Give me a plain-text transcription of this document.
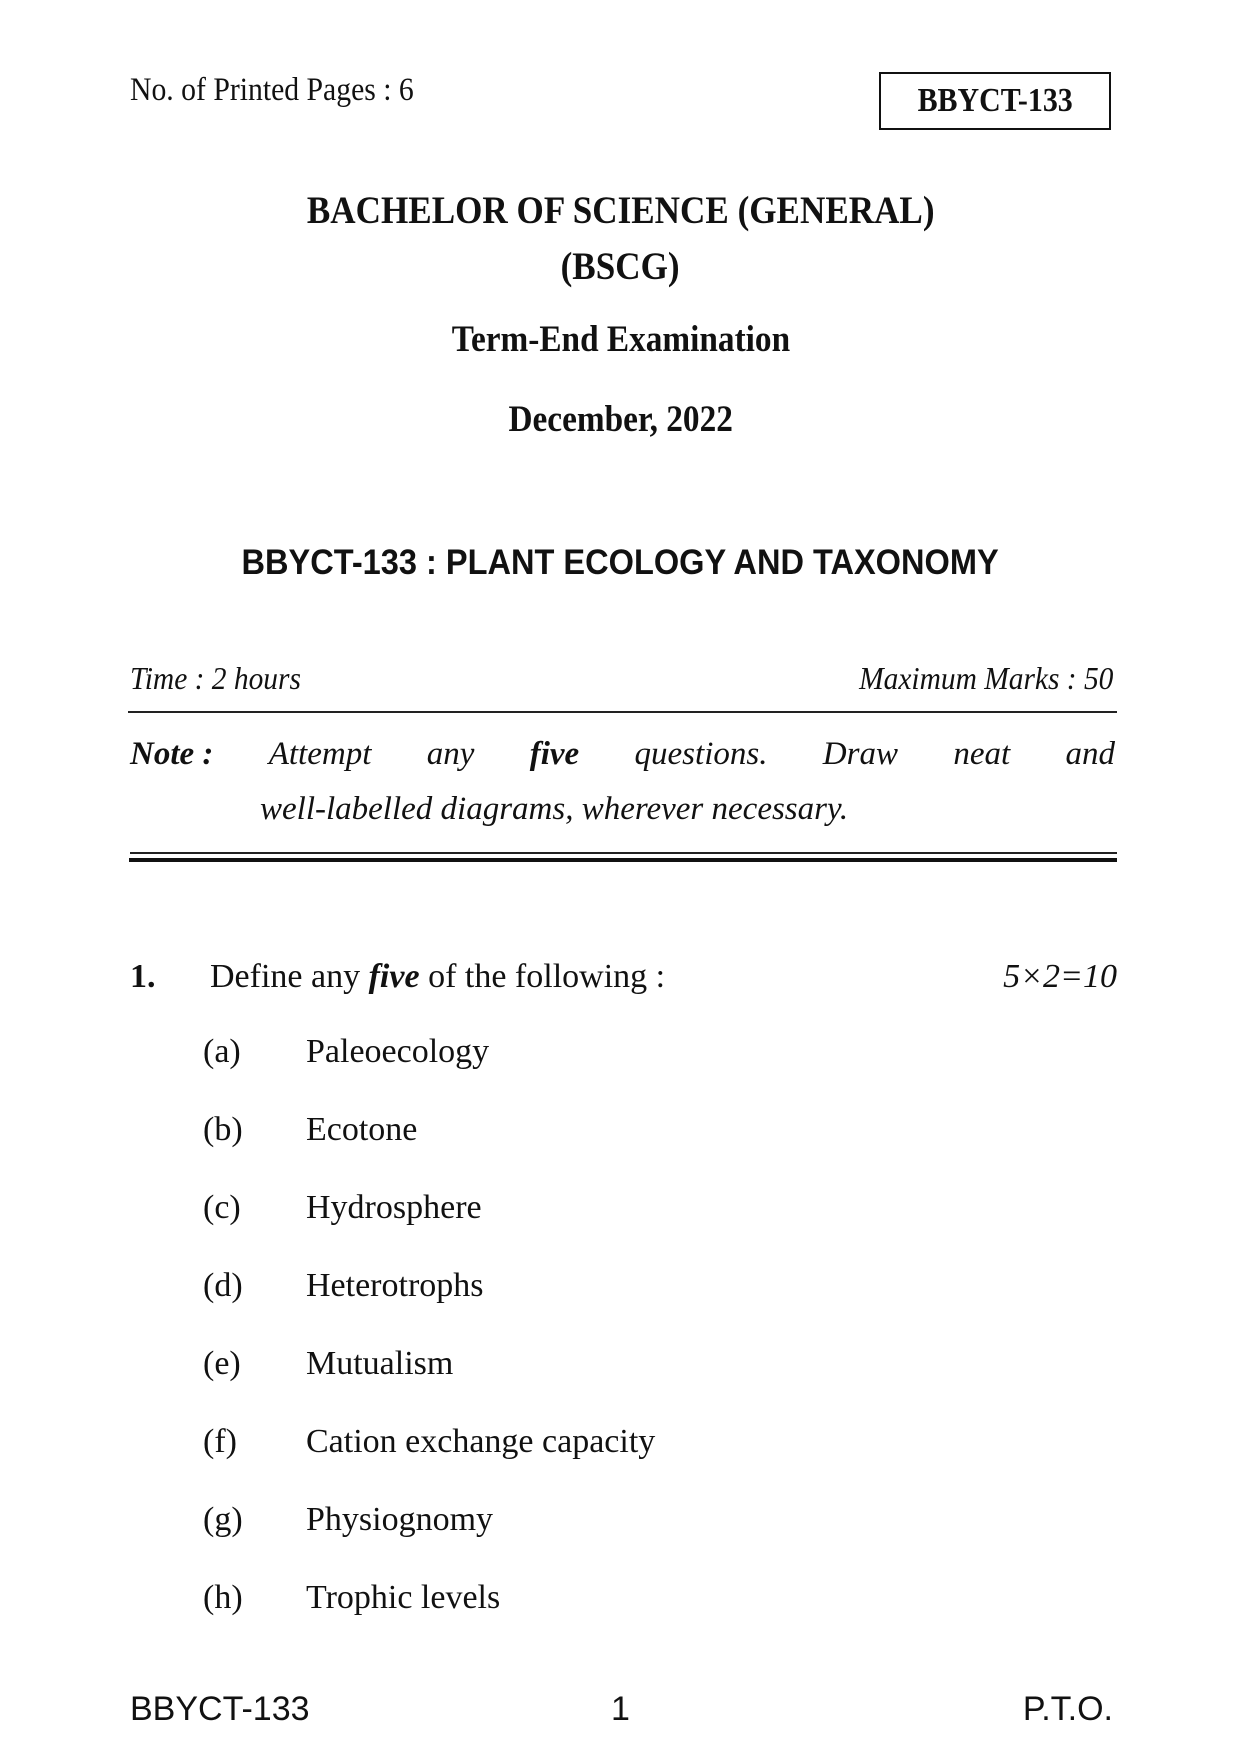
No. of Printed Pages : 6	BBYCT-133
BACHELOR OF SCIENCE (GENERAL)
(BSCG)
Term-End Examination
December, 2022
BBYCT-133 : PLANT ECOLOGY AND TAXONOMY
Time : 2 hours	Maximum Marks : 50
Note : Attempt any five questions. Draw neat and
well-labelled diagrams, wherever necessary.
1.	Define any five of the following :	5×2=10
(a)	Paleoecology
(b)	Ecotone
(c)	Hydrosphere
(d)	Heterotrophs
(e)	Mutualism
(f)	Cation exchange capacity
(g)	Physiognomy
(h)	Trophic levels
BBYCT-133	1	P.T.O.
